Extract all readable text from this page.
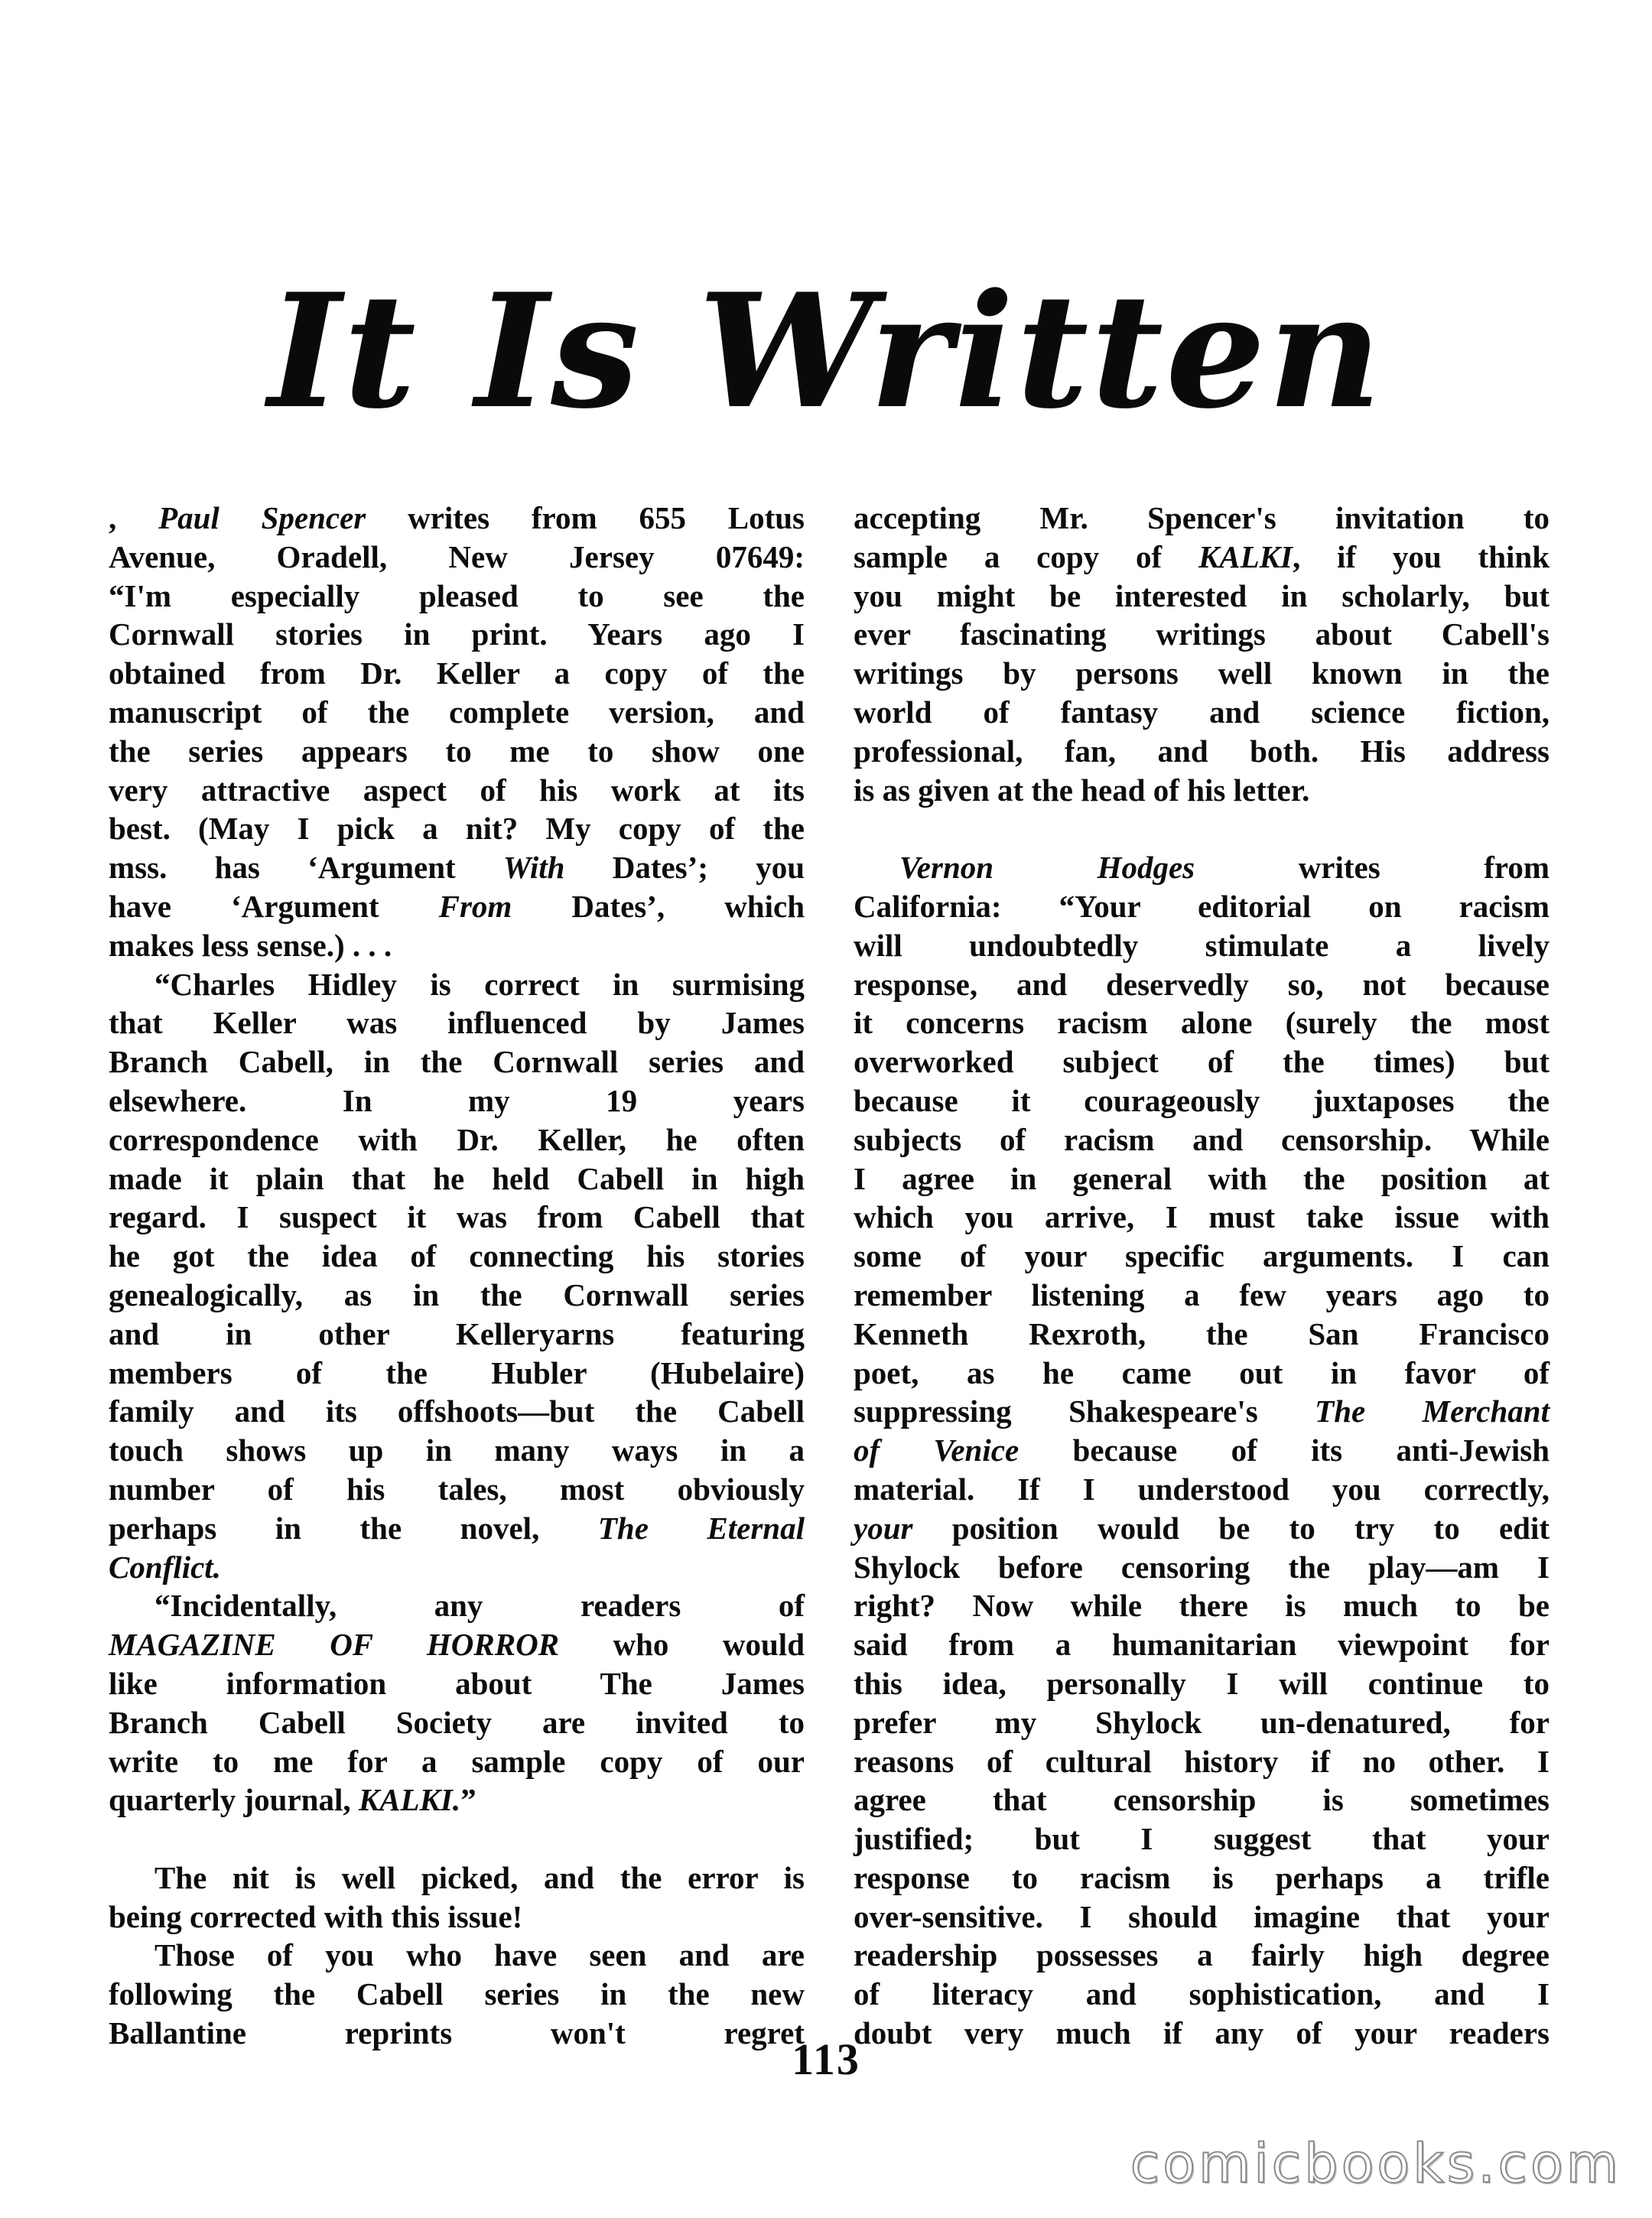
It Is Written
, Paul Spencer writes from 655 Lotus
Avenue, Oradell, New Jersey 07649:
“I'm especially pleased to see the
Cornwall stories in print. Years ago I
obtained from Dr. Keller a copy of the
manuscript of the complete version, and
the series appears to me to show one
very attractive aspect of his work at its
best. (May I pick a nit? My copy of the
mss. has ‘Argument With Dates’; you
have ‘Argument From Dates’, which
makes less sense.) . . .
“Charles Hidley is correct in surmising
that Keller was influenced by James
Branch Cabell, in the Cornwall series and
elsewhere. In my 19 years
correspondence with Dr. Keller, he often
made it plain that he held Cabell in high
regard. I suspect it was from Cabell that
he got the idea of connecting his stories
genealogically, as in the Cornwall series
and in other Kelleryarns featuring
members of the Hubler (Hubelaire)
family and its offshoots—but the Cabell
touch shows up in many ways in a
number of his tales, most obviously
perhaps in the novel, The Eternal
Conflict.
“Incidentally, any readers of
MAGAZINE OF HORROR who would
like information about The James
Branch Cabell Society are invited to
write to me for a sample copy of our
quarterly journal, KALKI.”
The nit is well picked, and the error is
being corrected with this issue!
Those of you who have seen and are
following the Cabell series in the new
Ballantine reprints won't regret
accepting Mr. Spencer's invitation to
sample a copy of KALKI, if you think
you might be interested in scholarly, but
ever fascinating writings about Cabell's
writings by persons well known in the
world of fantasy and science fiction,
professional, fan, and both. His address
is as given at the head of his letter.
Vernon Hodges writes from
California: “Your editorial on racism
will undoubtedly stimulate a lively
response, and deservedly so, not because
it concerns racism alone (surely the most
overworked subject of the times) but
because it courageously juxtaposes the
subjects of racism and censorship. While
I agree in general with the position at
which you arrive, I must take issue with
some of your specific arguments. I can
remember listening a few years ago to
Kenneth Rexroth, the San Francisco
poet, as he came out in favor of
suppressing Shakespeare's The Merchant
of Venice because of its anti-Jewish
material. If I understood you correctly,
your position would be to try to edit
Shylock before censoring the play—am I
right? Now while there is much to be
said from a humanitarian viewpoint for
this idea, personally I will continue to
prefer my Shylock un-denatured, for
reasons of cultural history if no other. I
agree that censorship is sometimes
justified; but I suggest that your
response to racism is perhaps a trifle
over-sensitive. I should imagine that your
readership possesses a fairly high degree
of literacy and sophistication, and I
doubt very much if any of your readers
113
comicbooks.com
